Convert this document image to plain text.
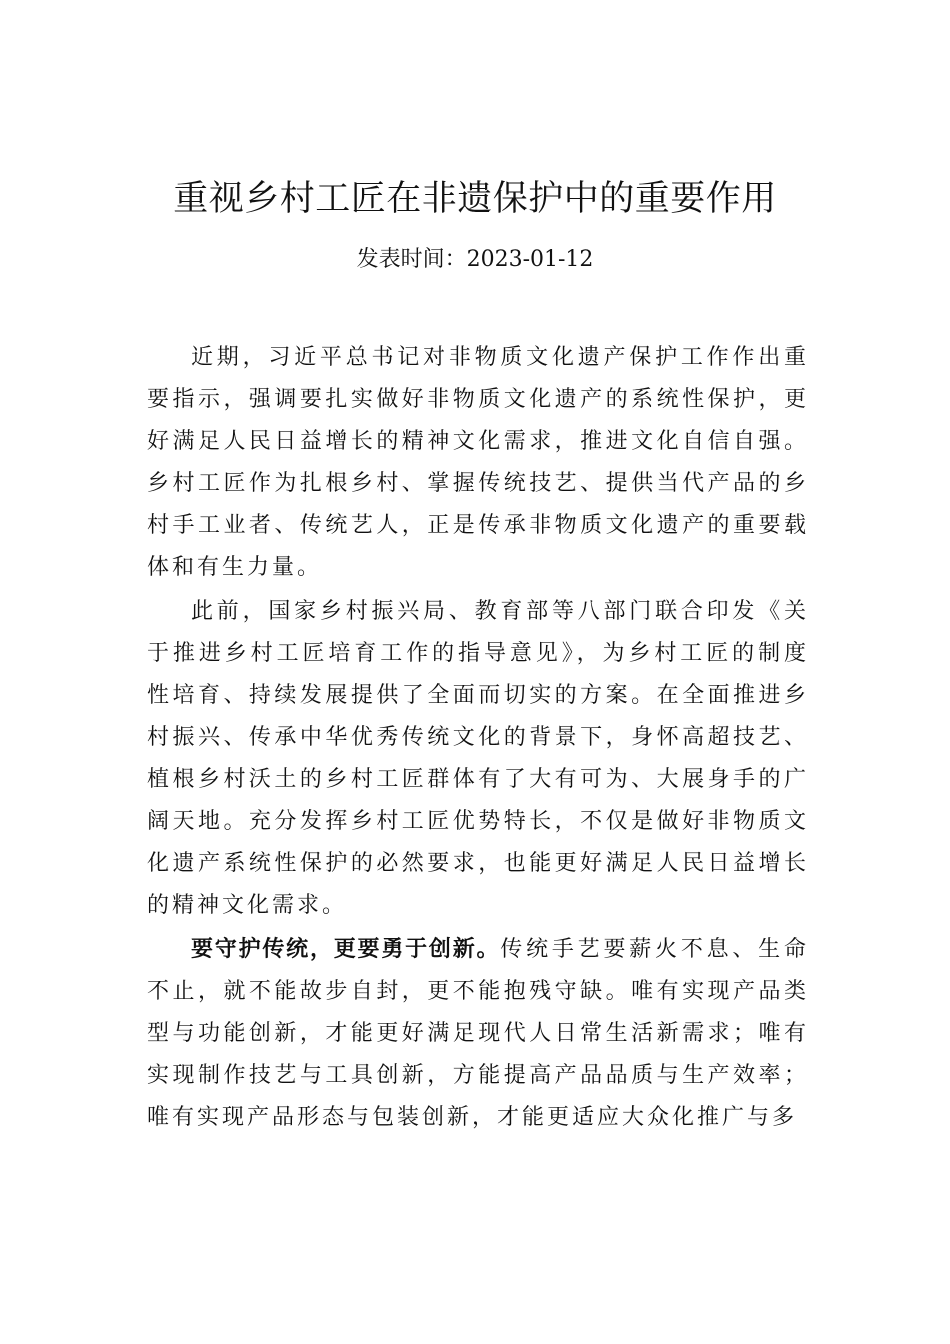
重视乡村工匠在非遗保护中的重要作用
发表时间：2023-01-12

近期，习近平总书记对非物质文化遗产保护工作作出重要指示，强调要扎实做好非物质文化遗产的系统性保护，更好满足人民日益增长的精神文化需求，推进文化自信自强。 乡村工匠作为扎根乡村、掌握传统技艺、提供当代产品的乡村手工业者、传统艺人，正是传承非物质文化遗产的重要载体和有生力量。

此前，国家乡村振兴局、教育部等八部门联合印发《关于推进乡村工匠培育工作的指导意见》，为乡村工匠的制度性培育、持续发展提供了全面而切实的方案。在全面推进乡村振兴、传承中华优秀传统文化的背景下，身怀高超技艺、 植根乡村沃土的乡村工匠群体有了大有可为、大展身手的广阔天地。充分发挥乡村工匠优势特长，不仅是做好非物质文化遗产系统性保护的必然要求，也能更好满足人民日益增长的精神文化需求。

要守护传统，更要勇于创新。传统手艺要薪火不息、生命不止，就不能故步自封，更不能抱残守缺。唯有实现产品类型与功能创新，才能更好满足现代人日常生活新需求；唯有实现制作技艺与工具创新，方能提高产品品质与生产效率；唯有实现产品形态与包装创新，才能更适应大众化推广与多
